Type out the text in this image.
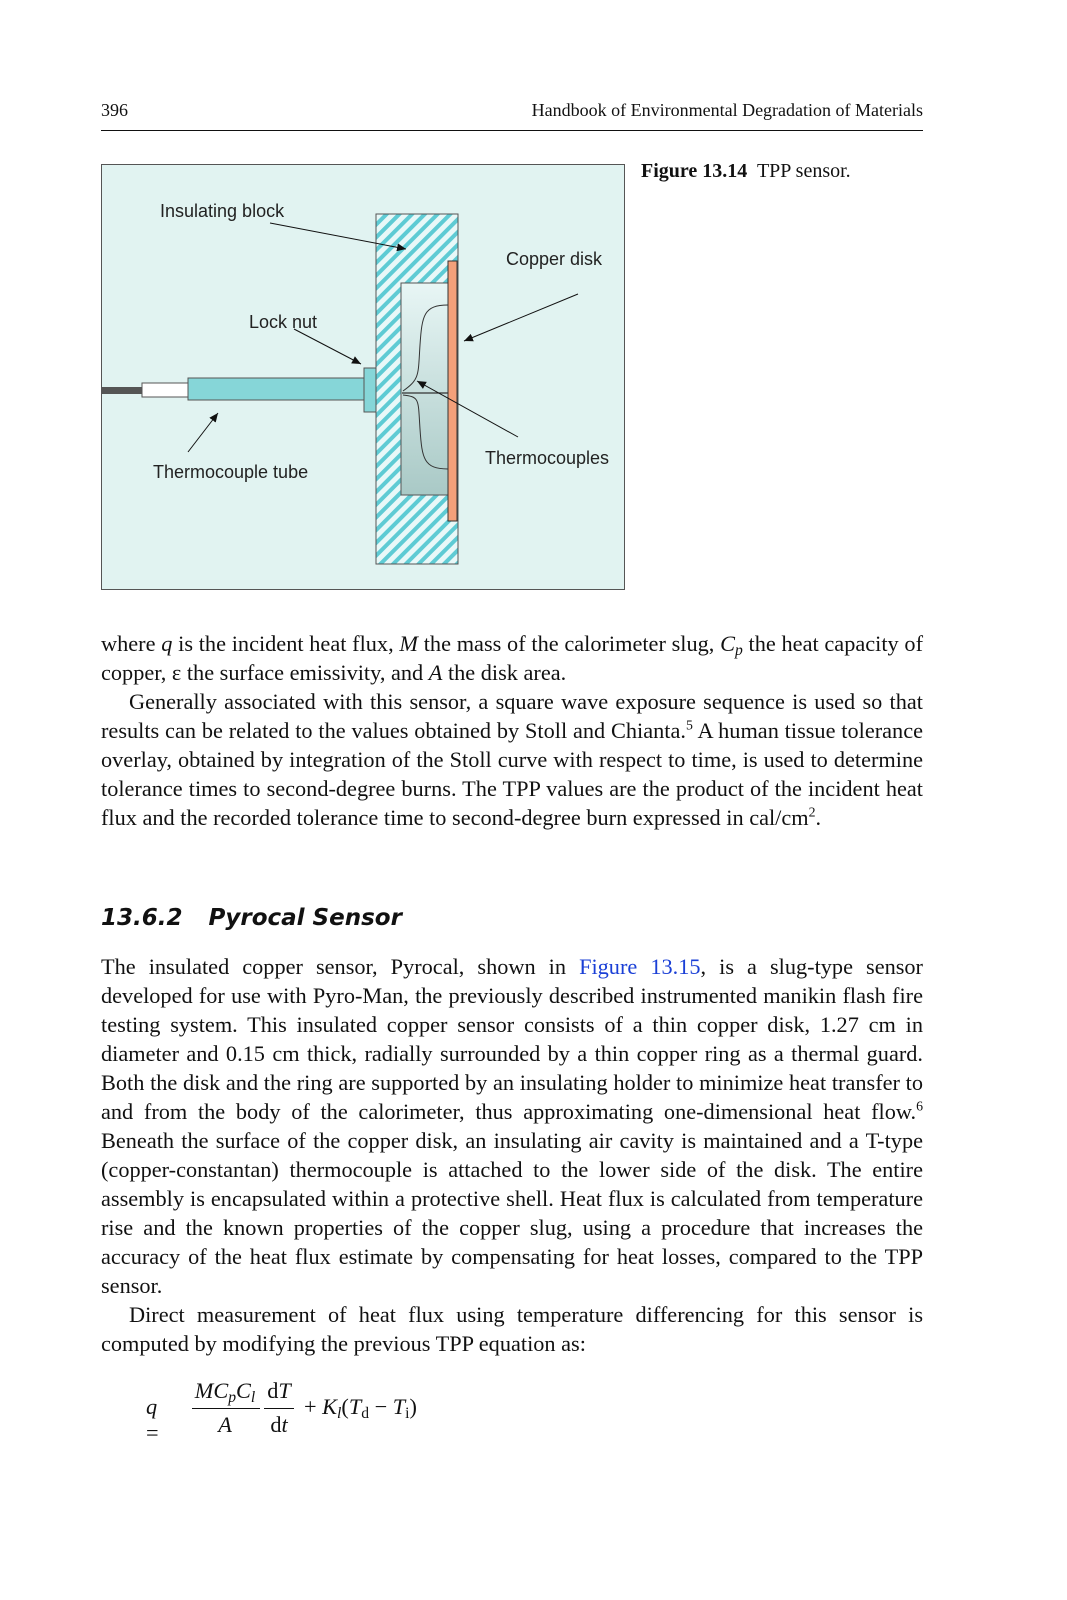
396	Handbook of Environmental Degradation of Materials
Insulating block
Copper disk
Lock nut
Thermocouples
Thermocouple tube
Figure 13.14 TPP sensor.

where q is the incident heat flux, M the mass of the calorimeter slug, $C_p$ the heat capacity of copper, ε the surface emissivity, and A the disk area.

Generally associated with this sensor, a square wave exposure sequence is used so that results can be related to the values obtained by Stoll and Chianta.$^5$ A human tissue tolerance overlay, obtained by integration of the Stoll curve with respect to time, is used to determine tolerance times to second-degree burns. The TPP values are the product of the incident heat flux and the recorded tolerance time to second-degree burn expressed in cal/$cm^2$.

13.6.2 Pyrocal Sensor

The insulated copper sensor, Pyrocal, shown in Figure 13.15, is a slug-type sensor developed for use with Pyro-Man, the previously described instrumented manikin flash fire testing system. This insulated copper sensor consists of a thin copper disk, 1.27 cm in diameter and 0.15 cm thick, radially surrounded by a thin copper ring as a thermal guard. Both the disk and the ring are supported by an insulating holder to minimize heat transfer to and from the body of the calorimeter, thus approximating one-dimensional heat flow.$^6$ Beneath the surface of the copper disk, an insulating air cavity is maintained and a T-type (copper-constantan) thermocouple is attached to the lower side of the disk. The entire assembly is encapsulated within a protective shell. Heat flux is calculated from temperature rise and the known properties of the copper slug, using a procedure that increases the accuracy of the heat flux estimate by compensating for heat losses, compared to the TPP sensor.

Direct measurement of heat flux using temperature differencing for this sensor is computed by modifying the previous TPP equation as:

q =
$MC_pC_l$
A
dT
dt
+ $K_l(T_d - T_i)$
